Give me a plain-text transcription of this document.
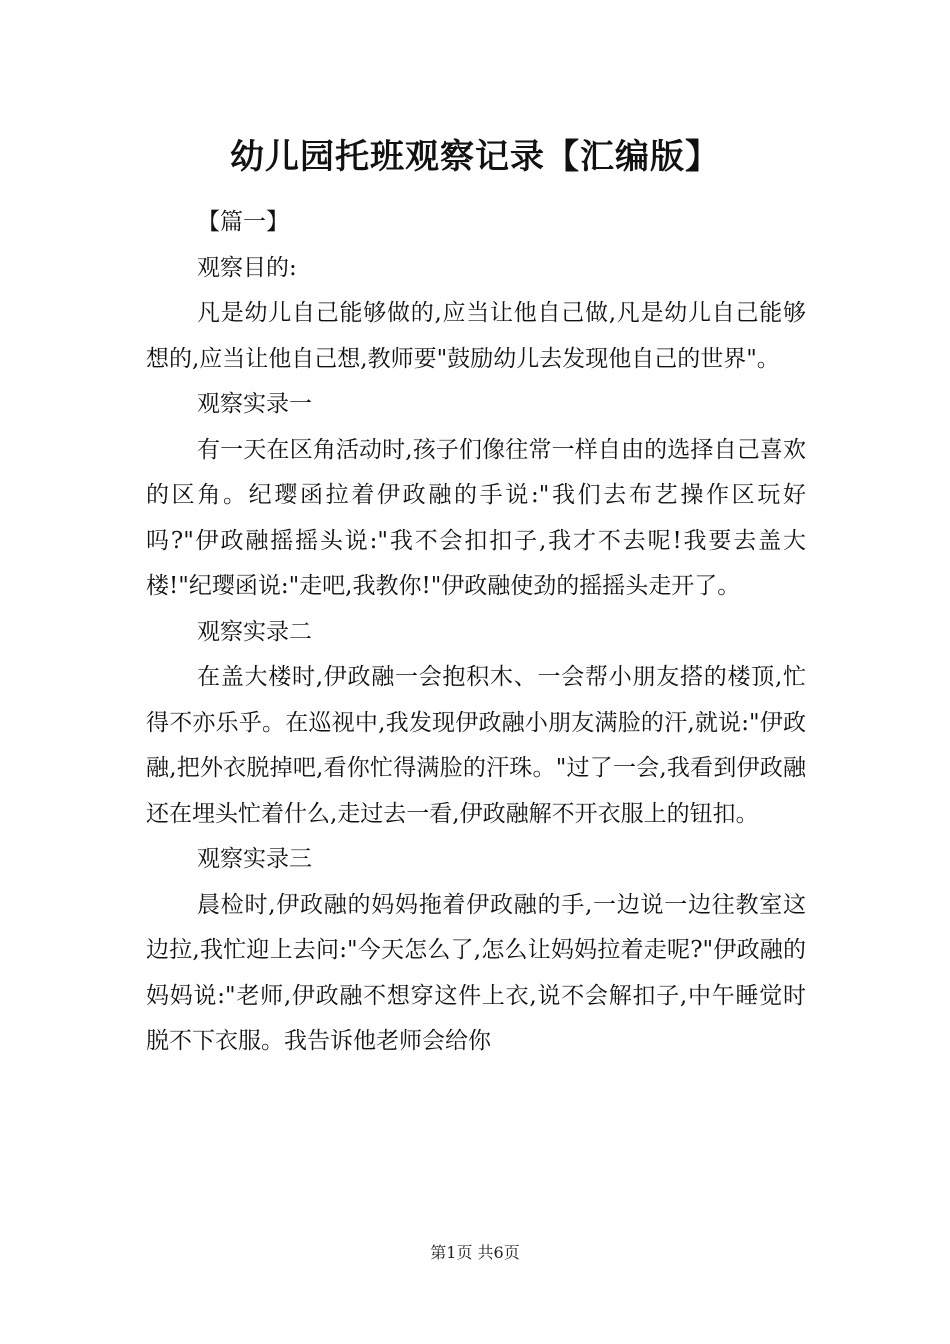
幼儿园托班观察记录【汇编版】

【篇一】

观察目的:

凡是幼儿自己能够做的,应当让他自己做,凡是幼儿自己能够想的,应当让他自己想,教师要"鼓励幼儿去发现他自己的世界"。

观察实录一

有一天在区角活动时,孩子们像往常一样自由的选择自己喜欢的区角。纪璎函拉着伊政融的手说:"我们去布艺操作区玩好吗?"伊政融摇摇头说:"我不会扣扣子,我才不去呢!我要去盖大楼!"纪璎函说:"走吧,我教你!"伊政融使劲的摇摇头走开了。

观察实录二

在盖大楼时,伊政融一会抱积木、一会帮小朋友搭的楼顶,忙得不亦乐乎。在巡视中,我发现伊政融小朋友满脸的汗,就说:"伊政融,把外衣脱掉吧,看你忙得满脸的汗珠。"过了一会,我看到伊政融还在埋头忙着什么,走过去一看,伊政融解不开衣服上的钮扣。

观察实录三

晨检时,伊政融的妈妈拖着伊政融的手,一边说一边往教室这边拉,我忙迎上去问:"今天怎么了,怎么让妈妈拉着走呢?"伊政融的妈妈说:"老师,伊政融不想穿这件上衣,说不会解扣子,中午睡觉时脱不下衣服。我告诉他老师会给你

第1页 共6页
